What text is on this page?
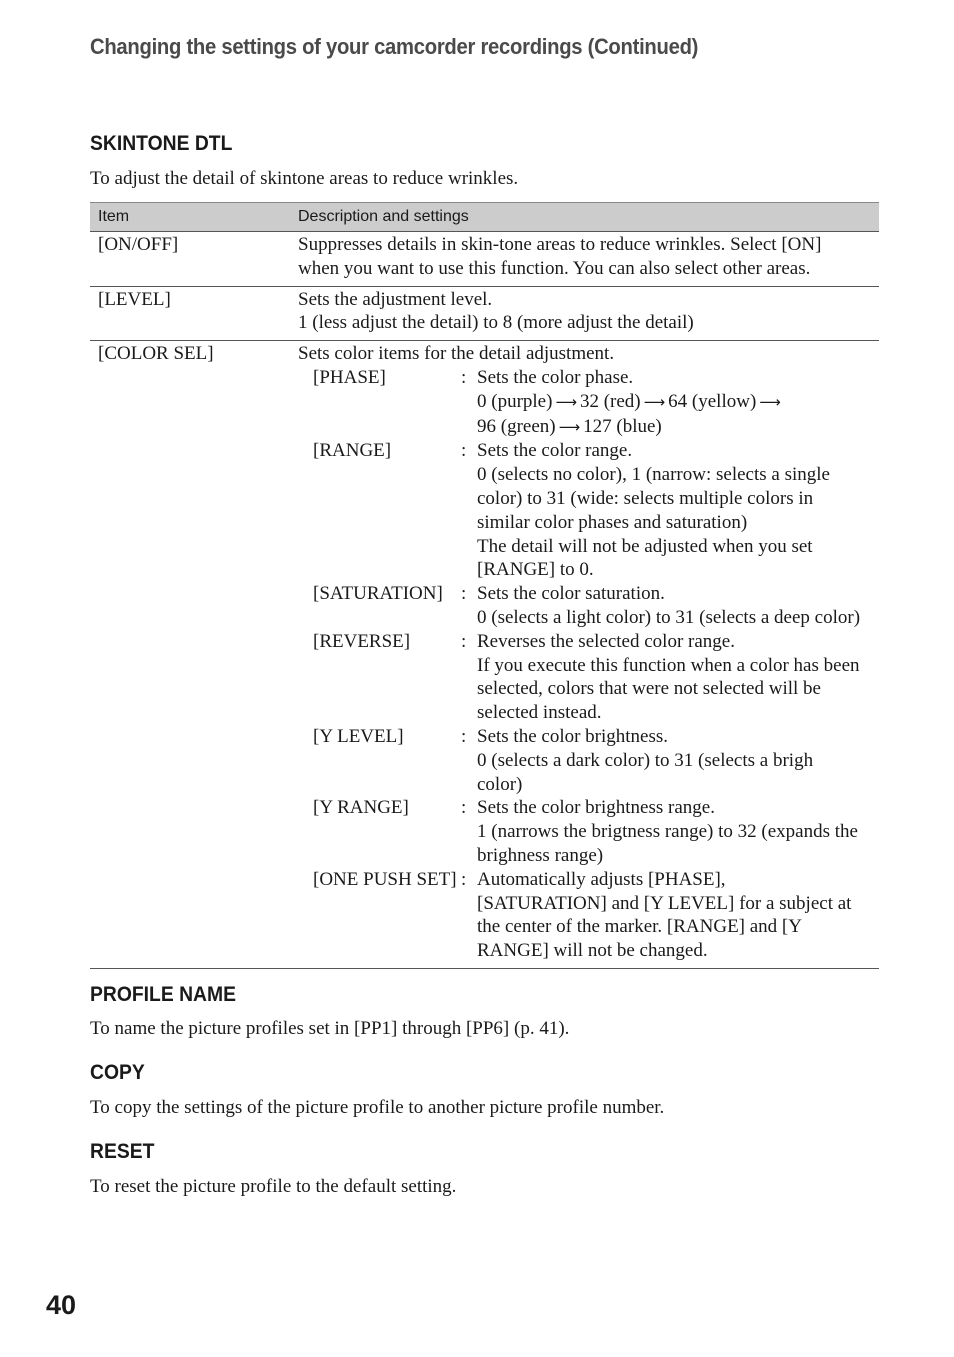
Changing the settings of your camcorder recordings (Continued)
SKINTONE DTL
To adjust the detail of skintone areas to reduce wrinkles.
Item	Description and settings
[ON/OFF]	Suppresses details in skin-tone areas to reduce wrinkles. Select [ON]
when you want to use this function. You can also select other areas.

[LEVEL]	Sets the adjustment level.
1 (less adjust the detail) to 8 (more adjust the detail)

[COLOR SEL]	Sets color items for the detail adjustment.
[PHASE]	:	Sets the color phase.
0 (purple) ⟶ 32 (red) ⟶ 64 (yellow) ⟶
96 (green) ⟶ 127 (blue)

[RANGE]	:	Sets the color range.
0 (selects no color), 1 (narrow: selects a single
color) to 31 (wide: selects multiple colors in
similar color phases and saturation)
The detail will not be adjusted when you set
[RANGE] to 0.

[SATURATION]	:	Sets the color saturation.
0 (selects a light color) to 31 (selects a deep color)

[REVERSE]	:	Reverses the selected color range.
If you execute this function when a color has been
selected, colors that were not selected will be
selected instead.

[Y LEVEL]	:	Sets the color brightness.
0 (selects a dark color) to 31 (selects a brigh
color)

[Y RANGE]	:	Sets the color brightness range.
1 (narrows the brigtness range) to 32 (expands the
brighness range)

[ONE PUSH SET]	:	Automatically adjusts [PHASE],
[SATURATION] and [Y LEVEL] for a subject at
the center of the marker. [RANGE] and [Y
RANGE] will not be changed.
PROFILE NAME
To name the picture profiles set in [PP1] through [PP6] (p. 41).
COPY
To copy the settings of the picture profile to another picture profile number.
RESET
To reset the picture profile to the default setting.
40
